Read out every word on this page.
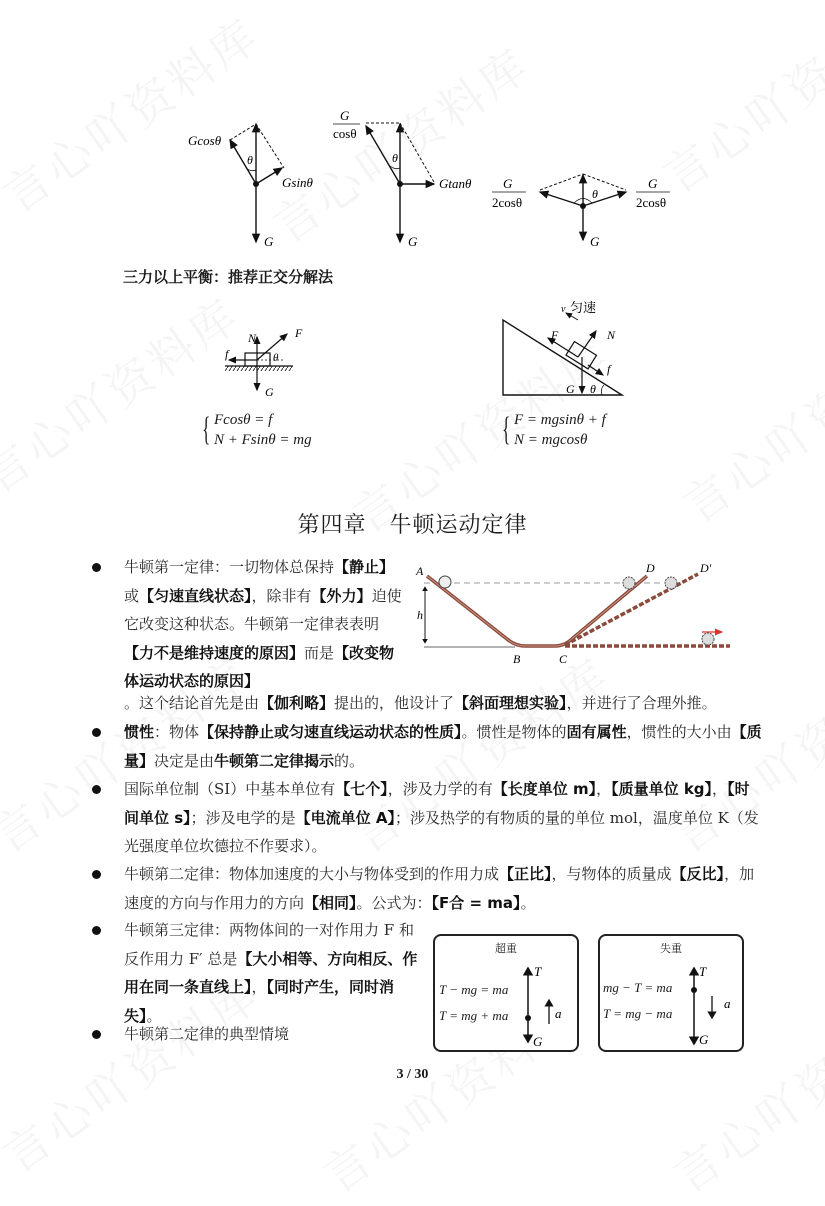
Gcosθ
Gsinθ
θ
G
G
cosθ
Gtanθ
θ
G
θ
G
G
2cosθ
G
2cosθ
三力以上平衡：推荐正交分解法
N	F
f	θ
G
{ Fcosθ = f
N + Fsinθ = mg
v 匀速
F	N
f
G θ
{ F = mgsinθ + f
N = mgcosθ
第四章　牛顿运动定律
A
B	C
D	D′
h
牛顿第一定律：一切物体总保持【静止】或【匀速直线状态】，除非有【外力】迫使它改变这种状态。牛顿第一定律表表明【力不是维持速度的原因】而是【改变物体运动状态的原因】
。这个结论首先是由【伽利略】提出的，他设计了【斜面理想实验】，并进行了合理外推。
惯性：物体【保持静止或匀速直线运动状态的性质】。惯性是物体的固有属性，惯性的大小由【质量】决定是由牛顿第二定律揭示的。
国际单位制（SI）中基本单位有【七个】，涉及力学的有【长度单位 m】，【质量单位 kg】，【时间单位 s】；涉及电学的是【电流单位 A】；涉及热学的有物质的量的单位 mol，温度单位 K（发光强度单位坎德拉不作要求）。
牛顿第二定律：物体加速度的大小与物体受到的作用力成【正比】，与物体的质量成【反比】，加速度的方向与作用力的方向【相同】。公式为：【F合 = ma】。
牛顿第三定律：两物体间的一对作用力 F 和反作用力 F′ 总是【大小相等、方向相反、作用在同一条直线上】，【同时产生，同时消失】。
牛顿第二定律的典型情境
超重
T − mg = ma
T = mg + ma
T
G
a
失重
mg − T = ma
T = mg − ma
T
G
a
3 / 30
